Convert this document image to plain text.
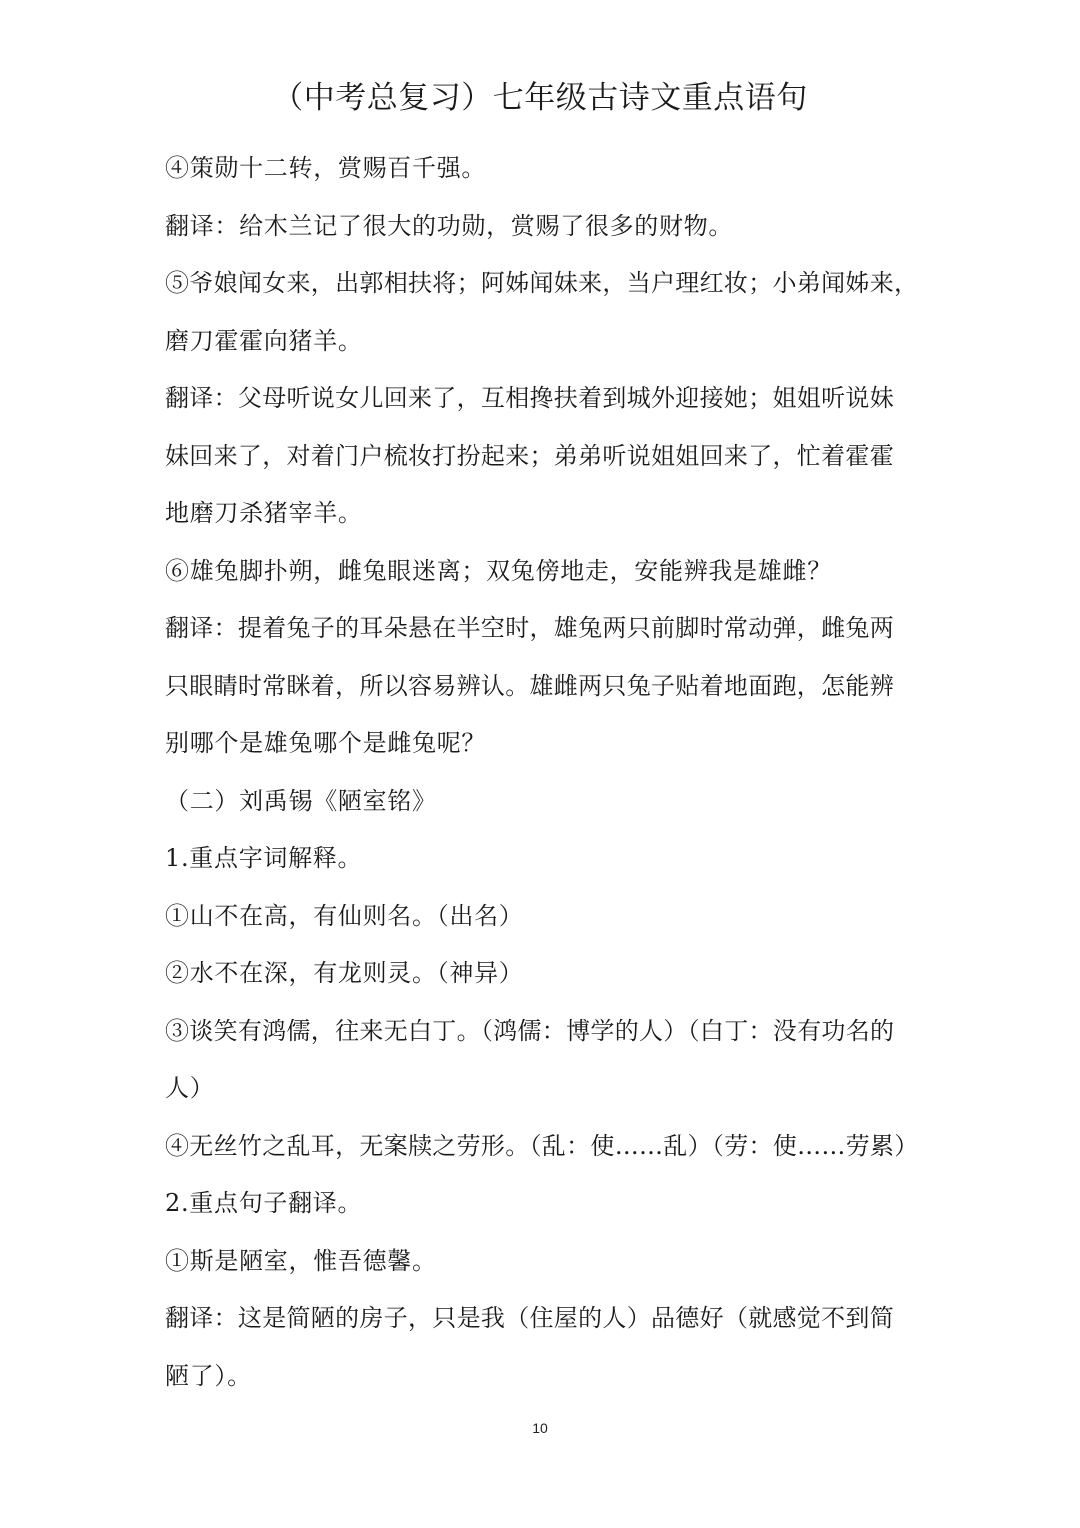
（中考总复习）七年级古诗文重点语句
④策勋十二转，赏赐百千强。
翻译：给木兰记了很大的功勋，赏赐了很多的财物。
⑤爷娘闻女来，出郭相扶将；阿姊闻妹来，当户理红妆；小弟闻姊来，
磨刀霍霍向猪羊。
翻译：父母听说女儿回来了，互相搀扶着到城外迎接她；姐姐听说妹
妹回来了，对着门户梳妆打扮起来；弟弟听说姐姐回来了，忙着霍霍
地磨刀杀猪宰羊。
⑥雄兔脚扑朔，雌兔眼迷离；双兔傍地走，安能辨我是雄雌？
翻译：提着兔子的耳朵悬在半空时，雄兔两只前脚时常动弹，雌兔两
只眼睛时常眯着，所以容易辨认。雄雌两只兔子贴着地面跑，怎能辨
别哪个是雄兔哪个是雌兔呢？
（二）刘禹锡《陋室铭》
1.重点字词解释。
①山不在高，有仙则名。（出名）
②水不在深，有龙则灵。（神异）
③谈笑有鸿儒，往来无白丁。（鸿儒：博学的人）（白丁：没有功名的
人）
④无丝竹之乱耳，无案牍之劳形。（乱：使……乱）（劳：使……劳累）
2.重点句子翻译。
①斯是陋室，惟吾德馨。
翻译：这是简陋的房子，只是我（住屋的人）品德好（就感觉不到简
陋了）。
10
